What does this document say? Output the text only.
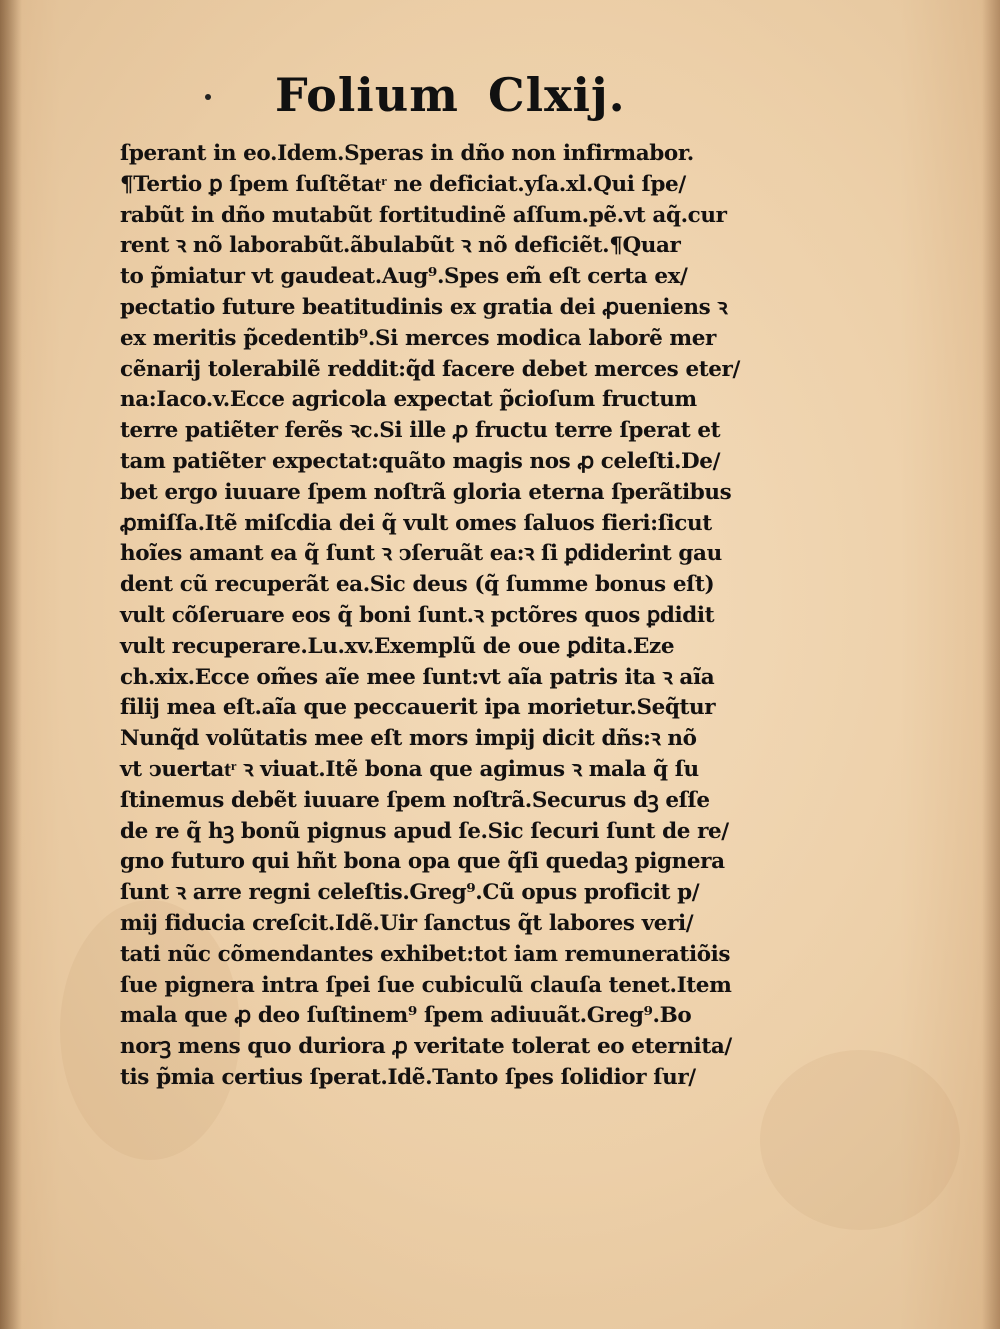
Folium Clxij.
ſperant in eo.Idem.Speras in dño non infirmabor.
¶Tertio ꝑ ſpem ſuſtẽtatͬ ne deficiat.yſa.xl.Qui ſpe/
rabũt in dño mutabũt fortitudinẽ aſſum.pẽ.vt aq̃.cur
rent ꝛ nõ laborabũt.ãbulabũt ꝛ nõ deficiẽt.¶Quar
to p̃miatur vt gaudeat.Aug⁹.Spes em̃ eſt certa ex/
pectatio future beatitudinis ex gratia dei ꝓueniens ꝛ
ex meritis p̃cedentib⁹.Si merces modica laborẽ mer
cẽnarij tolerabilẽ reddit:q̃d facere debet merces eter/
na:Iaco.v.Ecce agricola expectat p̃cioſum fructum
terre patiẽter ferẽs ꝛc.Si ille ꝓ fructu terre ſperat et
tam patiẽter expectat:quãto magis nos ꝓ celeſti.De/
bet ergo iuuare ſpem noſtrã gloria eterna ſperãtibus
ꝓmiſſa.Itẽ miſcdia dei q̃ vult omes ſaluos fieri:ſicut
hoĩes amant ea q̃ ſunt ꝛ ↄſeruãt ea:ꝛ ſi ꝑdiderint gau
dent cũ recuperãt ea.Sic deus (q̃ ſumme bonus eſt)
vult cõſeruare eos q̃ boni ſunt.ꝛ pctõres quos ꝑdidit
vult recuperare.Lu.xv.Exemplũ de oue ꝑdita.Eze
ch.xix.Ecce om̃es aĩe mee ſunt:vt aĩa patris ita ꝛ aĩa
filij mea eſt.aĩa que peccauerit ipa morietur.Seq̃tur
Nunq̃d volũtatis mee eſt mors impij dicit dñs:ꝛ nõ
vt ↄuertatͬ ꝛ viuat.Itẽ bona que agimus ꝛ mala q̃ ſu
ſtinemus debẽt iuuare ſpem noſtrã.Securus dꝫ eſſe
de re q̃ hꝫ bonũ pignus apud ſe.Sic ſecuri ſunt de re/
gno futuro qui hñt bona opa que q̃ſi quedaꝫ pignera
ſunt ꝛ arre regni celeſtis.Greg⁹.Cũ opus proficit p/
mij fiducia creſcit.Idẽ.Uir ſanctus q̃t labores veri/
tati nũc cõmendantes exhibet:tot iam remuneratiõis
ſue pignera intra ſpei ſue cubiculũ clauſa tenet.Item
mala que ꝓ deo ſuſtinem⁹ ſpem adiuuãt.Greg⁹.Bo
norꝫ mens quo duriora ꝓ veritate tolerat eo eternita/
tis p̃mia certius ſperat.Idẽ.Tanto ſpes ſolidior ſur/
